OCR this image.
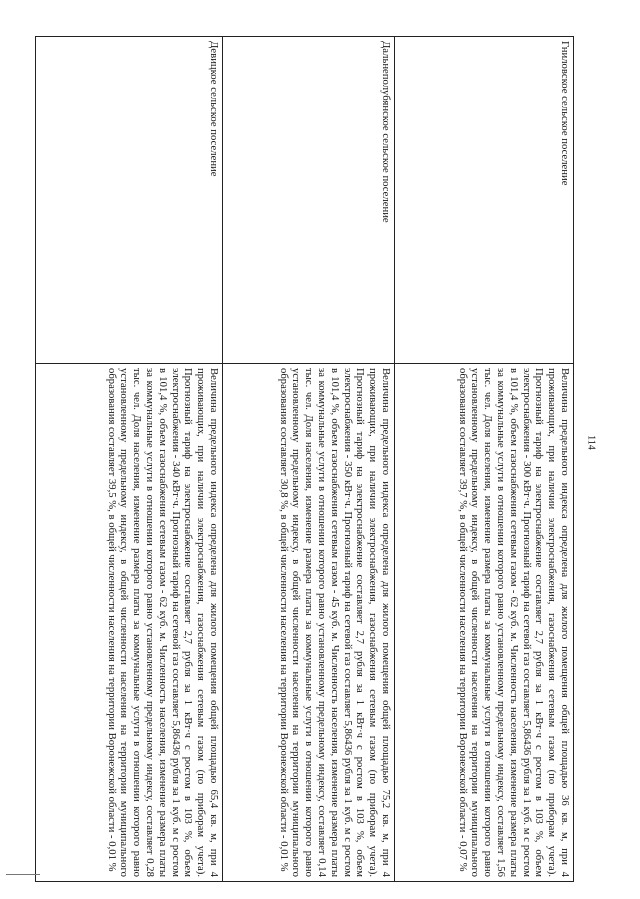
114
Гниловское сельское поселение	Величина предельного индекса определена для жилого помещения общей площадью 36 кв. м, при 4 проживающих, при наличии электроснабжения, газоснабжения сетевым газом (по приборам учета). Прогнозный тариф на электроснабжение составляет 2,7 рубля за 1 кВт·ч с ростом в 103 %, объем электроснабжения - 300 кВт·ч. Прогнозный тариф на сетевой газ составляет 5,86436 рубля за 1 куб. м с ростом в 101,4 %, объем газоснабжения сетевым газом - 62 куб. м. Численность населения, изменение размера платы за коммунальные услуги в отношении которого равно установленному предельному индексу, составляет 1,56 тыс. чел. Доля населения, изменение размера платы за коммунальные услуги в отношении которого равно установленному предельному индексу, в общей численности населения на территории муниципального образования составляет 39,7 %, в общей численности населения на территории Воронежской области - 0,07 %
Дальнеполубянское сельское поселение	Величина предельного индекса определена для жилого помещения общей площадью 75,2 кв. м, при 4 проживающих, при наличии электроснабжения, газоснабжения сетевым газом (по приборам учета). Прогнозный тариф на электроснабжение составляет 2,7 рубля за 1 кВт·ч с ростом в 103 %, объем электроснабжения - 350 кВт·ч. Прогнозный тариф на сетевой газ составляет 5,86436 рубля за 1 куб. м с ростом в 101,4 %, объем газоснабжения сетевым газом - 45 куб. м. Численность населения, изменение размера платы за коммунальные услуги в отношении которого равно установленному предельному индексу, составляет 0,14 тыс. чел. Доля населения, изменение размера платы за коммунальные услуги в отношении которого равно установленному предельному индексу, в общей численности населения на территории муниципального образования составляет 30,8 %, в общей численности населения на территории Воронежской области - 0,01 %
Девицкое сельское поселение	Величина предельного индекса определена для жилого помещения общей площадью 65,4 кв. м, при 4 проживающих, при наличии электроснабжения, газоснабжения сетевым газом (по приборам учета). Прогнозный тариф на электроснабжение составляет 2,7 рубля за 1 кВт·ч с ростом в 103 %, объем электроснабжения - 340 кВт·ч. Прогнозный тариф на сетевой газ составляет 5,86436 рубля за 1 куб. м с ростом в 101,4 %, объем газоснабжения сетевым газом - 62 куб. м. Численность населения, изменение размера платы за коммунальные услуги в отношении которого равно установленному предельному индексу, составляет 0,28 тыс. чел. Доля населения, изменение размера платы за коммунальные услуги в отношении которого равно установленному предельному индексу, в общей численности населения на территории муниципального образования составляет 39,5 %, в общей численности населения на территории Воронежской области - 0,01 %
